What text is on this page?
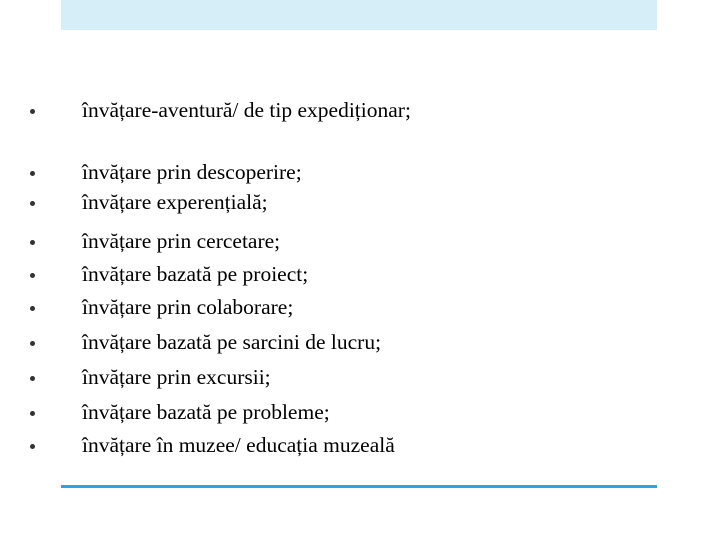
învățare-aventură/ de tip expediționar;
învățare prin descoperire;
învățare experențială;
învățare prin cercetare;
învățare bazată pe proiect;
învățare prin colaborare;
învățare bazată pe sarcini de lucru;
învățare prin excursii;
învățare bazată pe probleme;
învățare în muzee/ educația muzeală
